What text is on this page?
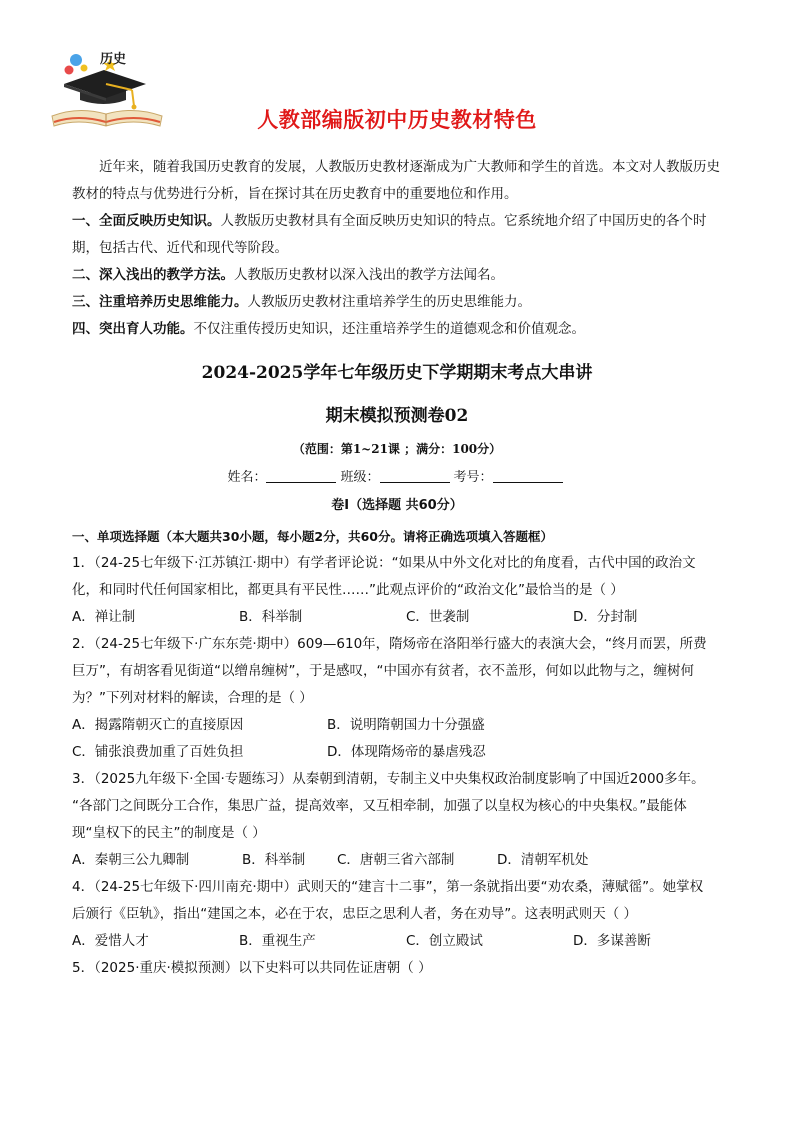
历史
人教部编版初中历史教材特色

近年来，随着我国历史教育的发展，人教版历史教材逐渐成为广大教师和学生的首选。本文对人教版历史教材的特点与优势进行分析，旨在探讨其在历史教育中的重要地位和作用。

一、全面反映历史知识。人教版历史教材具有全面反映历史知识的特点。它系统地介绍了中国历史的各个时期，包括古代、近代和现代等阶段。

二、深入浅出的教学方法。人教版历史教材以深入浅出的教学方法闻名。

三、注重培养历史思维能力。人教版历史教材注重培养学生的历史思维能力。

四、突出育人功能。不仅注重传授历史知识，还注重培养学生的道德观念和价值观念。

2024-2025学年七年级历史下学期期末考点大串讲
期末模拟预测卷02
（范围：第1~21课 ；满分：100分）
姓名：	班级：	考号：
卷Ⅰ（选择题 共60分）

一、单项选择题（本大题共30小题，每小题2分，共60分。请将正确选项填入答题框）

1．（24-25七年级下·江苏镇江·期中）有学者评论说：“如果从中外文化对比的角度看，古代中国的政治文

化，和同时代任何国家相比，都更具有平民性……”此观点评价的“政治文化”最恰当的是（ ）

A．禅让制	B．科举制	C．世袭制	D．分封制

2．（24-25七年级下·广东东莞·期中）609—610年，隋炀帝在洛阳举行盛大的表演大会，“终月而罢，所费

巨万”，有胡客看见街道“以缯帛缠树”，于是感叹，“中国亦有贫者，衣不盖形，何如以此物与之，缠树何

为？”下列对材料的解读，合理的是（ ）

A．揭露隋朝灭亡的直接原因	B．说明隋朝国力十分强盛
C．铺张浪费加重了百姓负担	D．体现隋炀帝的暴虐残忍

3．（2025九年级下·全国·专题练习）从秦朝到清朝，专制主义中央集权政治制度影响了中国近2000多年。

“各部门之间既分工合作，集思广益，提高效率，又互相牵制，加强了以皇权为核心的中央集权。”最能体

现“皇权下的民主”的制度是（ ）

A．秦朝三公九卿制	B．科举制	C．唐朝三省六部制	D．清朝军机处

4．（24-25七年级下·四川南充·期中）武则天的“建言十二事”，第一条就指出要“劝农桑，薄赋徭”。她掌权

后颁行《臣轨》，指出“建国之本，必在于农，忠臣之思利人者，务在劝导”。这表明武则天（ ）

A．爱惜人才	B．重视生产	C．创立殿试	D．多谋善断

5．（2025·重庆·模拟预测）以下史料可以共同佐证唐朝（ ）
